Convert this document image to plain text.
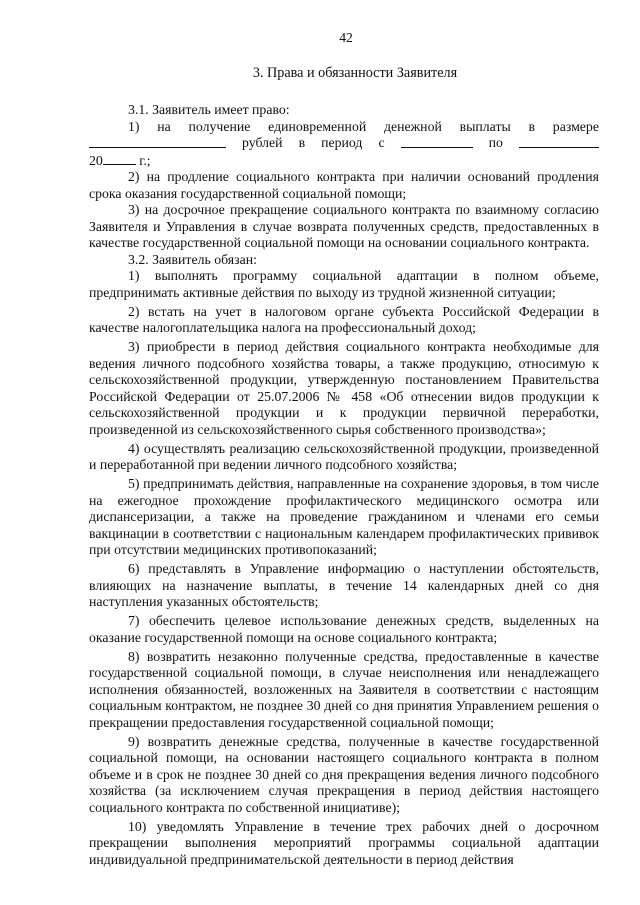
42
3. Права и обязанности Заявителя

3.1. Заявитель имеет право:

1) на получение единовременной денежной выплаты в размере
рублей в период с	по
20	г.;

2) на продление социального контракта при наличии оснований продления срока оказания государственной социальной помощи;

3) на досрочное прекращение социального контракта по взаимному согласию Заявителя и Управления в случае возврата полученных средств, предоставленных в качестве государственной социальной помощи на основании социального контракта.

3.2. Заявитель обязан:

1) выполнять программу социальной адаптации в полном объеме, предпринимать активные действия по выходу из трудной жизненной ситуации;

2) встать на учет в налоговом органе субъекта Российской Федерации в качестве налогоплательщика налога на профессиональный доход;

3) приобрести в период действия социального контракта необходимые для ведения личного подсобного хозяйства товары, а также продукцию, относимую к сельскохозяйственной продукции, утвержденную постановлением Правительства Российской Федерации от 25.07.2006 № 458 «Об отнесении видов продукции к сельскохозяйственной продукции и к продукции первичной переработки, произведенной из сельскохозяйственного сырья собственного производства»;

4) осуществлять реализацию сельскохозяйственной продукции, произведенной и переработанной при ведении личного подсобного хозяйства;

5) предпринимать действия, направленные на сохранение здоровья, в том числе на ежегодное прохождение профилактического медицинского осмотра или диспансеризации, а также на проведение гражданином и членами его семьи вакцинации в соответствии с национальным календарем профилактических прививок при отсутствии медицинских противопоказаний;

6) представлять в Управление информацию о наступлении обстоятельств, влияющих на назначение выплаты, в течение 14 календарных дней со дня наступления указанных обстоятельств;

7) обеспечить целевое использование денежных средств, выделенных на оказание государственной помощи на основе социального контракта;

8) возвратить незаконно полученные средства, предоставленные в качестве государственной социальной помощи, в случае неисполнения или ненадлежащего исполнения обязанностей, возложенных на Заявителя в соответствии с настоящим социальным контрактом, не позднее 30 дней со дня принятия Управлением решения о прекращении предоставления государственной социальной помощи;

9) возвратить денежные средства, полученные в качестве государственной социальной помощи, на основании настоящего социального контракта в полном объеме и в срок не позднее 30 дней со дня прекращения ведения личного подсобного хозяйства (за исключением случая прекращения в период действия настоящего социального контракта по собственной инициативе);

10) уведомлять Управление в течение трех рабочих дней о досрочном прекращении выполнения мероприятий программы социальной адаптации индивидуальной предпринимательской деятельности в период действия
